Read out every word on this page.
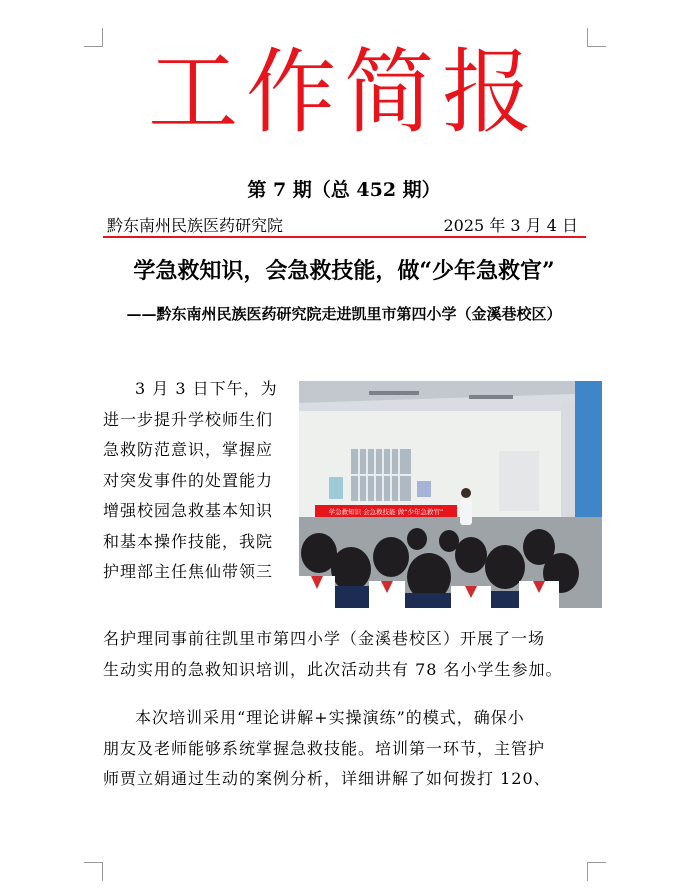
工作简报
第 7 期（总 452 期）
黔东南州民族医药研究院	2025 年 3 月 4 日
学急救知识，会急救技能，做“少年急救官”
——黔东南州民族医药研究院走进凯里市第四小学（金溪巷校区）
3 月 3 日下午，为
进一步提升学校师生们
急救防范意识，掌握应
对突发事件的处置能力
增强校园急救基本知识
和基本操作技能，我院
护理部主任焦仙带领三
学急救知识 会急救技能 做“少年急救官”
名护理同事前往凯里市第四小学（金溪巷校区）开展了一场
生动实用的急救知识培训，此次活动共有 78 名小学生参加。
本次培训采用“理论讲解+实操演练”的模式，确保小
朋友及老师能够系统掌握急救技能。培训第一环节，主管护
师贾立娟通过生动的案例分析，详细讲解了如何拨打 120、
